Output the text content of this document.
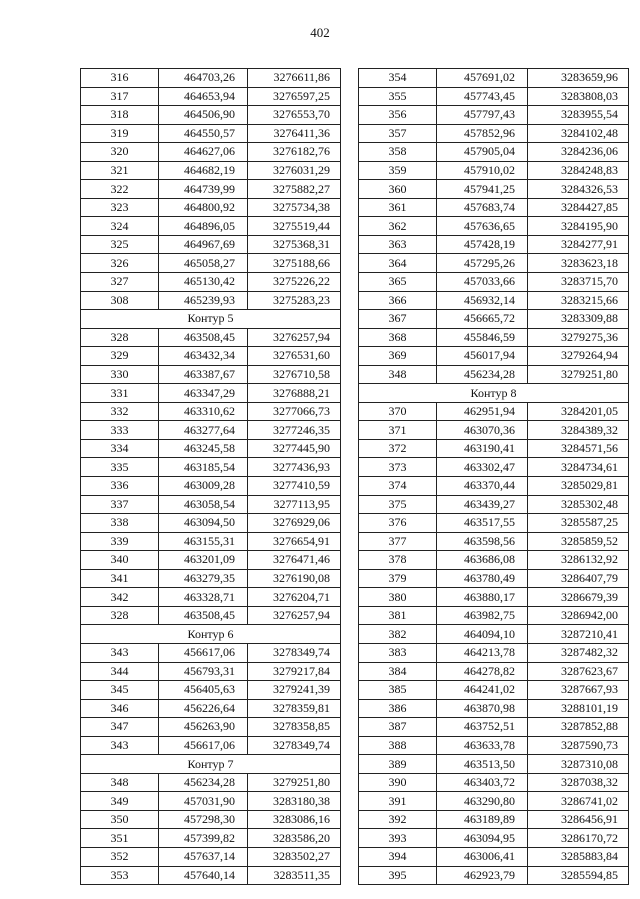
402
316	464703,26	3276611,86
317	464653,94	3276597,25
318	464506,90	3276553,70
319	464550,57	3276411,36
320	464627,06	3276182,76
321	464682,19	3276031,29
322	464739,99	3275882,27
323	464800,92	3275734,38
324	464896,05	3275519,44
325	464967,69	3275368,31
326	465058,27	3275188,66
327	465130,42	3275226,22
308	465239,93	3275283,23
Контур 5		
328	463508,45	3276257,94
329	463432,34	3276531,60
330	463387,67	3276710,58
331	463347,29	3276888,21
332	463310,62	3277066,73
333	463277,64	3277246,35
334	463245,58	3277445,90
335	463185,54	3277436,93
336	463009,28	3277410,59
337	463058,54	3277113,95
338	463094,50	3276929,06
339	463155,31	3276654,91
340	463201,09	3276471,46
341	463279,35	3276190,08
342	463328,71	3276204,71
328	463508,45	3276257,94
Контур 6		
343	456617,06	3278349,74
344	456793,31	3279217,84
345	456405,63	3279241,39
346	456226,64	3278359,81
347	456263,90	3278358,85
343	456617,06	3278349,74
Контур 7		
348	456234,28	3279251,80
349	457031,90	3283180,38
350	457298,30	3283086,16
351	457399,82	3283586,20
352	457637,14	3283502,27
353	457640,14	3283511,35
354	457691,02	3283659,96
355	457743,45	3283808,03
356	457797,43	3283955,54
357	457852,96	3284102,48
358	457905,04	3284236,06
359	457910,02	3284248,83
360	457941,25	3284326,53
361	457683,74	3284427,85
362	457636,65	3284195,90
363	457428,19	3284277,91
364	457295,26	3283623,18
365	457033,66	3283715,70
366	456932,14	3283215,66
367	456665,72	3283309,88
368	455846,59	3279275,36
369	456017,94	3279264,94
348	456234,28	3279251,80
Контур 8		
370	462951,94	3284201,05
371	463070,36	3284389,32
372	463190,41	3284571,56
373	463302,47	3284734,61
374	463370,44	3285029,81
375	463439,27	3285302,48
376	463517,55	3285587,25
377	463598,56	3285859,52
378	463686,08	3286132,92
379	463780,49	3286407,79
380	463880,17	3286679,39
381	463982,75	3286942,00
382	464094,10	3287210,41
383	464213,78	3287482,32
384	464278,82	3287623,67
385	464241,02	3287667,93
386	463870,98	3288101,19
387	463752,51	3287852,88
388	463633,78	3287590,73
389	463513,50	3287310,08
390	463403,72	3287038,32
391	463290,80	3286741,02
392	463189,89	3286456,91
393	463094,95	3286170,72
394	463006,41	3285883,84
395	462923,79	3285594,85
